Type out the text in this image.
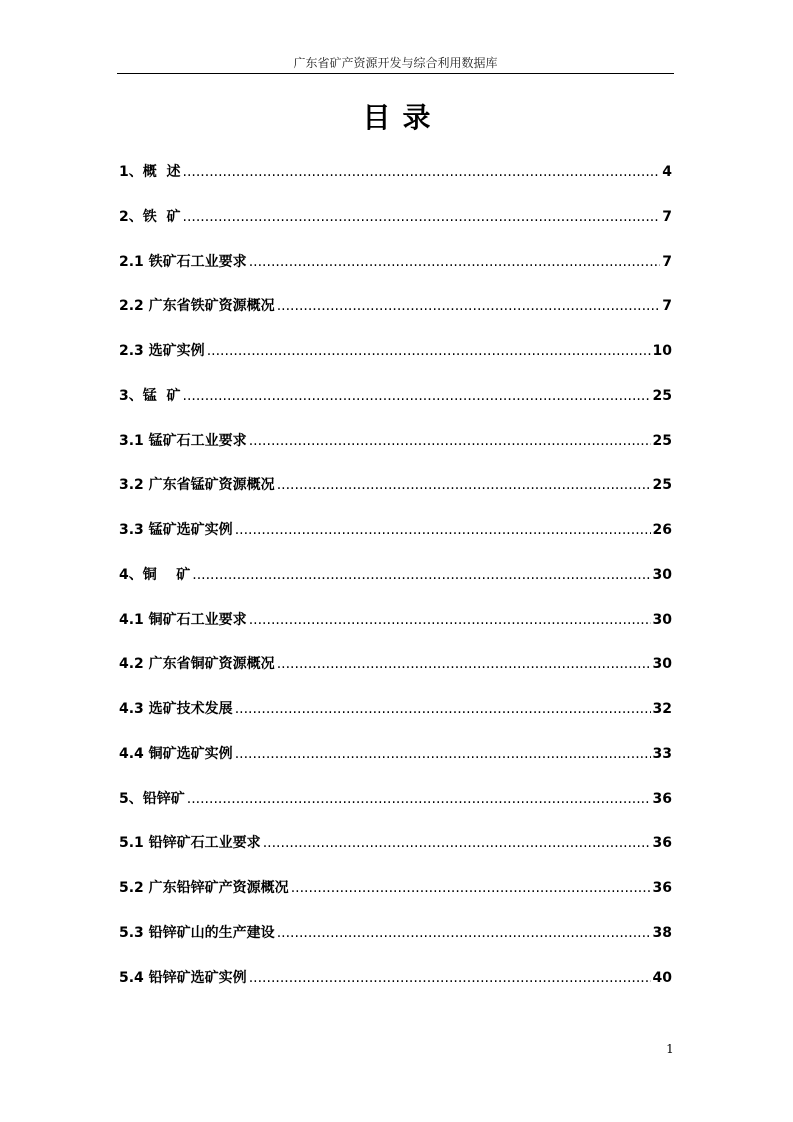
广东省矿产资源开发与综合利用数据库
目录
1、概  述 .....	4
2、铁  矿 .....	7
2.1 铁矿石工业要求 .....	7
2.2 广东省铁矿资源概况 .....	7
2.3 选矿实例 .....	10
3、锰  矿 .....	25
3.1 锰矿石工业要求 .....	25
3.2 广东省锰矿资源概况 .....	25
3.3 锰矿选矿实例 .....	26
4、铜    矿 .....	30
4.1 铜矿石工业要求 .....	30
4.2 广东省铜矿资源概况 .....	30
4.3 选矿技术发展 .....	32
4.4 铜矿选矿实例 .....	33
5、铅锌矿 .....	36
5.1 铅锌矿石工业要求 .....	36
5.2 广东铅锌矿产资源概况 .....	36
5.3 铅锌矿山的生产建设 .....	38
5.4 铅锌矿选矿实例 .....	40
1
